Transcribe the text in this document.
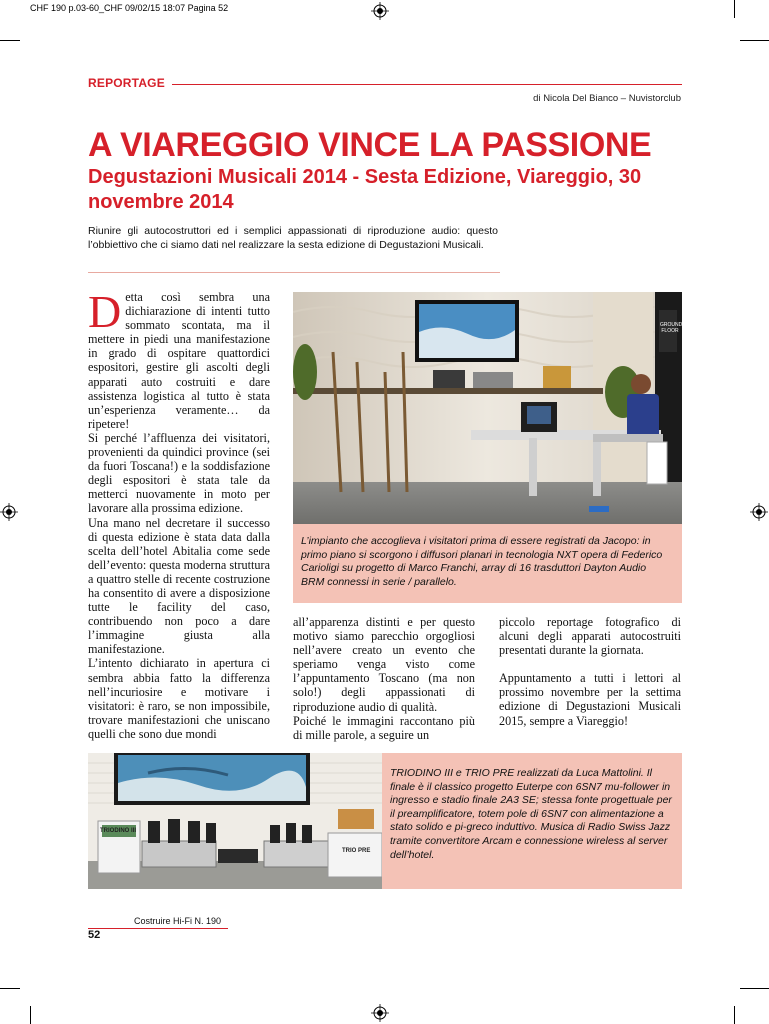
CHF 190 p.03-60_CHF 09/02/15 18:07 Pagina 52
REPORTAGE
di Nicola Del Bianco – Nuvistorclub
A VIAREGGIO VINCE LA PASSIONE
Degustazioni Musicali 2014 - Sesta Edizione, Viareggio, 30 novembre 2014
Riunire gli autocostruttori ed i semplici appassionati di riproduzione audio: questo l’obbiettivo che ci siamo dati nel realizzare la sesta edizione di Degustazioni Musicali.

Detta così sembra una dichiarazione di intenti tutto sommato scontata, ma il mettere in piedi una manifestazione in grado di ospitare quattordici espositori, gestire gli ascolti degli apparati auto costruiti e dare assistenza logistica al tutto è stata un’esperienza veramente… da ripetere!

Si perché l’affluenza dei visitatori, provenienti da quindici province (sei da fuori Toscana!) e la soddisfazione degli espositori è stata tale da metterci nuovamente in moto per lavorare alla prossima edizione.

Una mano nel decretare il successo di questa edizione è stata data dalla scelta dell’hotel Abitalia come sede dell’evento: questa moderna struttura a quattro stelle di recente costruzione ha consentito di avere a disposizione tutte le facility del caso, contribuendo non poco a dare l’immagine giusta alla manifestazione.

L’intento dichiarato in apertura ci sembra abbia fatto la differenza nell’incuriosire e motivare i visitatori: è raro, se non impossibile, trovare manifestazioni che uniscano quelli che sono due mondi

GROUND FLOOR
L’impianto che accoglieva i visitatori prima di essere registrati da Jacopo: in primo piano si scorgono i diffusori planari in tecnologia NXT opera di Federico Carioligi su progetto di Marco Franchi, array di 16 trasduttori Dayton Audio BRM connessi in serie / parallelo.

all’apparenza distinti e per questo motivo siamo parecchio orgogliosi nell’avere creato un evento che speriamo venga visto come l’appuntamento Toscano (ma non solo!) degli appassionati di riproduzione audio di qualità.

Poiché le immagini raccontano più di mille parole, a seguire un

piccolo reportage fotografico di alcuni degli apparati autocostruiti presentati durante la giornata.

Appuntamento a tutti i lettori al prossimo novembre per la settima edizione di Degustazioni Musicali 2015, sempre a Viareggio!

TRIODINO III
TRIO PRE
TRIODINO III e TRIO PRE realizzati da Luca Mattolini. Il finale è il classico progetto Euterpe con 6SN7 mu-follower in ingresso e stadio finale 2A3 SE; stessa fonte progettuale per il preamplificatore, totem pole di 6SN7 con alimentazione a stato solido e pi-greco induttivo. Musica di Radio Swiss Jazz tramite convertitore Arcam e connessione wireless al server dell’hotel.
Costruire Hi-Fi N. 190
52
